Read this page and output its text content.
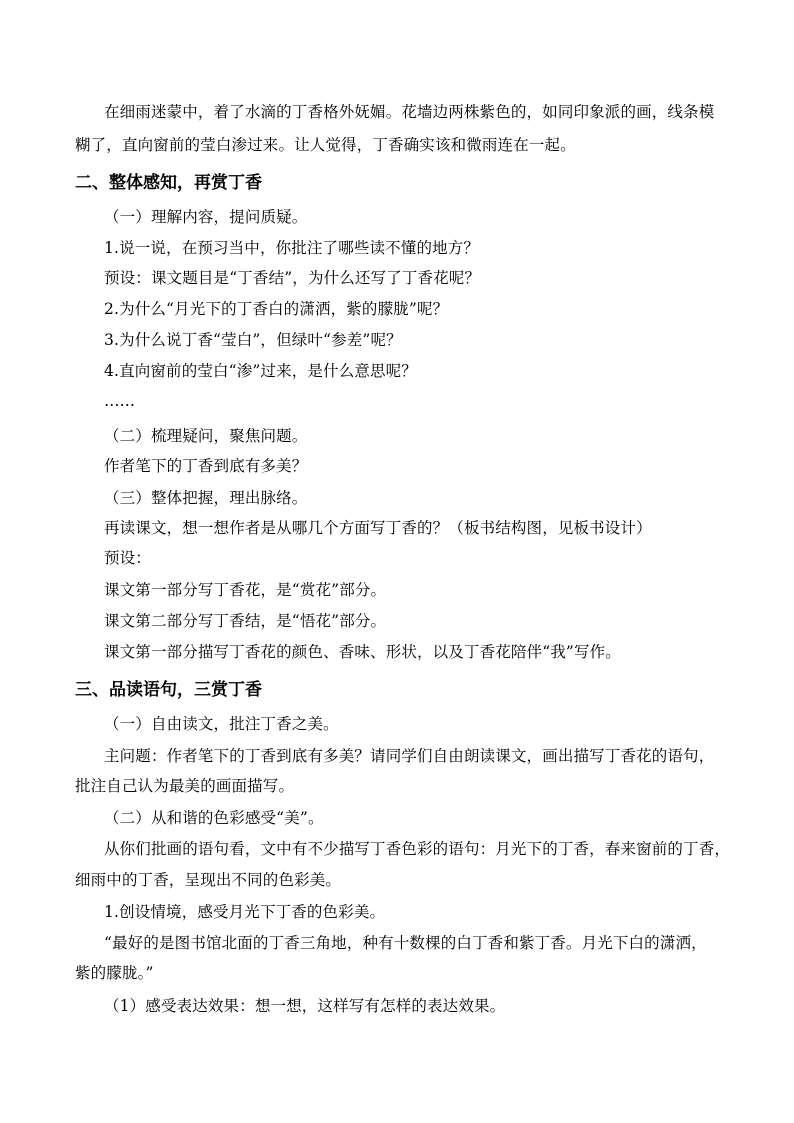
在细雨迷蒙中，着了水滴的丁香格外妩媚。花墙边两株紫色的，如同印象派的画，线条模
糊了，直向窗前的莹白渗过来。让人觉得，丁香确实该和微雨连在一起。
二、整体感知，再赏丁香
（一）理解内容，提问质疑。
1.说一说，在预习当中，你批注了哪些读不懂的地方？
预设：课文题目是“丁香结”，为什么还写了丁香花呢？
2.为什么“月光下的丁香白的潇洒，紫的朦胧”呢？
3.为什么说丁香“莹白”，但绿叶“参差”呢？
4.直向窗前的莹白“渗”过来，是什么意思呢？
……
（二）梳理疑问，聚焦问题。
作者笔下的丁香到底有多美？
（三）整体把握，理出脉络。
再读课文，想一想作者是从哪几个方面写丁香的？（板书结构图，见板书设计）
预设：
课文第一部分写丁香花，是“赏花”部分。
课文第二部分写丁香结，是“悟花”部分。
课文第一部分描写丁香花的颜色、香味、形状，以及丁香花陪伴“我”写作。
三、品读语句，三赏丁香
（一）自由读文，批注丁香之美。
主问题：作者笔下的丁香到底有多美？请同学们自由朗读课文，画出描写丁香花的语句，
批注自己认为最美的画面描写。
（二）从和谐的色彩感受“美”。
从你们批画的语句看，文中有不少描写丁香色彩的语句：月光下的丁香，春来窗前的丁香，
细雨中的丁香，呈现出不同的色彩美。
1.创设情境，感受月光下丁香的色彩美。
“最好的是图书馆北面的丁香三角地，种有十数棵的白丁香和紫丁香。月光下白的潇洒，
紫的朦胧。”
（1）感受表达效果：想一想，这样写有怎样的表达效果。
